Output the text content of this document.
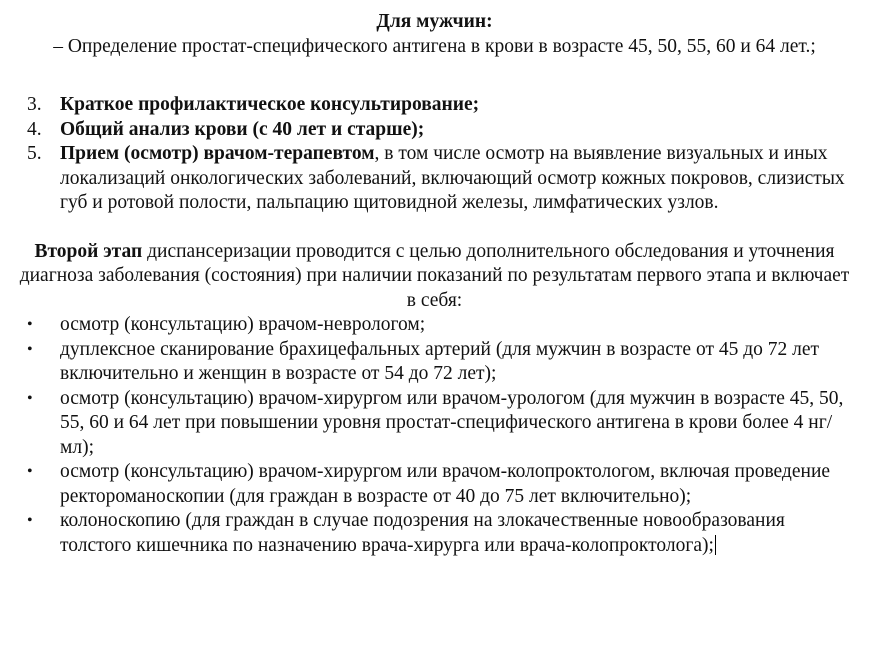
Для мужчин:

– Определение простат-специфического антигена в крови в возрасте 45, 50, 55, 60 и 64 лет.;

3. Краткое профилактическое консультирование;
4. Общий анализ крови (с 40 лет и старше);
5. Прием (осмотр) врачом-терапевтом, в том числе осмотр на выявление визуальных и иных локализаций онкологических заболеваний, включающий осмотр кожных покровов, слизистых губ и ротовой полости, пальпацию щитовидной железы, лимфатических узлов.

Второй этап диспансеризации проводится с целью дополнительного обследования и уточнения диагноза заболевания (состояния) при наличии показаний по результатам первого этапа и включает в себя:

• осмотр (консультацию) врачом-неврологом;
• дуплексное сканирование брахицефальных артерий (для мужчин в возрасте от 45 до 72 лет включительно и женщин в возрасте от 54 до 72 лет);
• осмотр (консультацию) врачом-хирургом или врачом-урологом (для мужчин в возрасте 45, 50, 55, 60 и 64 лет при повышении уровня простат-специфического антигена в крови более 4 нг/мл);
• осмотр (консультацию) врачом-хирургом или врачом-колопроктологом, включая проведение ректороманоскопии (для граждан в возрасте от 40 до 75 лет включительно);
• колоноскопию (для граждан в случае подозрения на злокачественные новообразования толстого кишечника по назначению врача-хирурга или врача-колопроктолога);
